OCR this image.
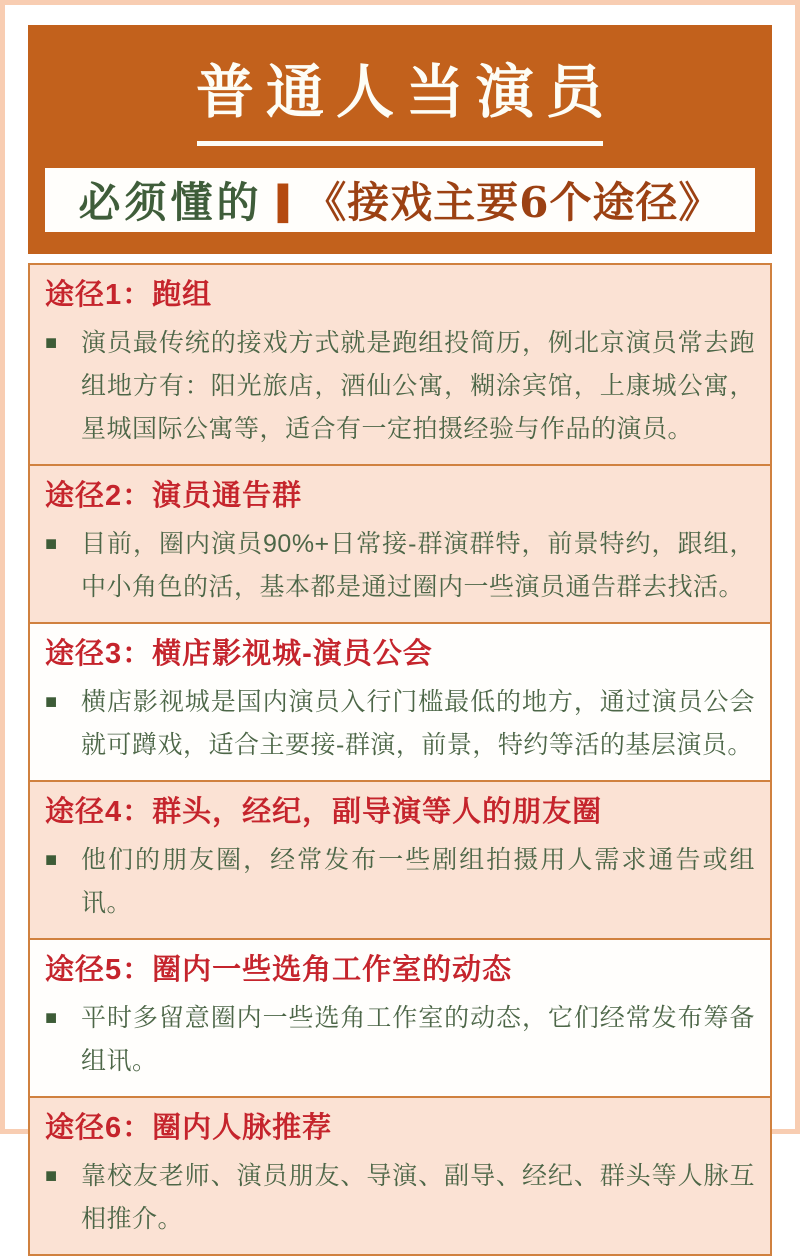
普通人当演员
必须懂的 | 《接戏主要6个途径》
途径1：跑组
■ 演员最传统的接戏方式就是跑组投简历，例北京演员常去跑组地方有：阳光旅店，酒仙公寓，糊涂宾馆，上康城公寓，星城国际公寓等，适合有一定拍摄经验与作品的演员。

途径2：演员通告群
■ 目前，圈内演员90%+日常接-群演群特，前景特约，跟组，中小角色的活，基本都是通过圈内一些演员通告群去找活。

途径3：横店影视城-演员公会
■ 横店影视城是国内演员入行门槛最低的地方，通过演员公会就可蹲戏，适合主要接-群演，前景，特约等活的基层演员。

途径4：群头，经纪，副导演等人的朋友圈
■ 他们的朋友圈，经常发布一些剧组拍摄用人需求通告或组讯。

途径5：圈内一些选角工作室的动态
■ 平时多留意圈内一些选角工作室的动态，它们经常发布筹备组讯。

途径6：圈内人脉推荐
■ 靠校友老师、演员朋友、导演、副导、经纪、群头等人脉互相推介。
